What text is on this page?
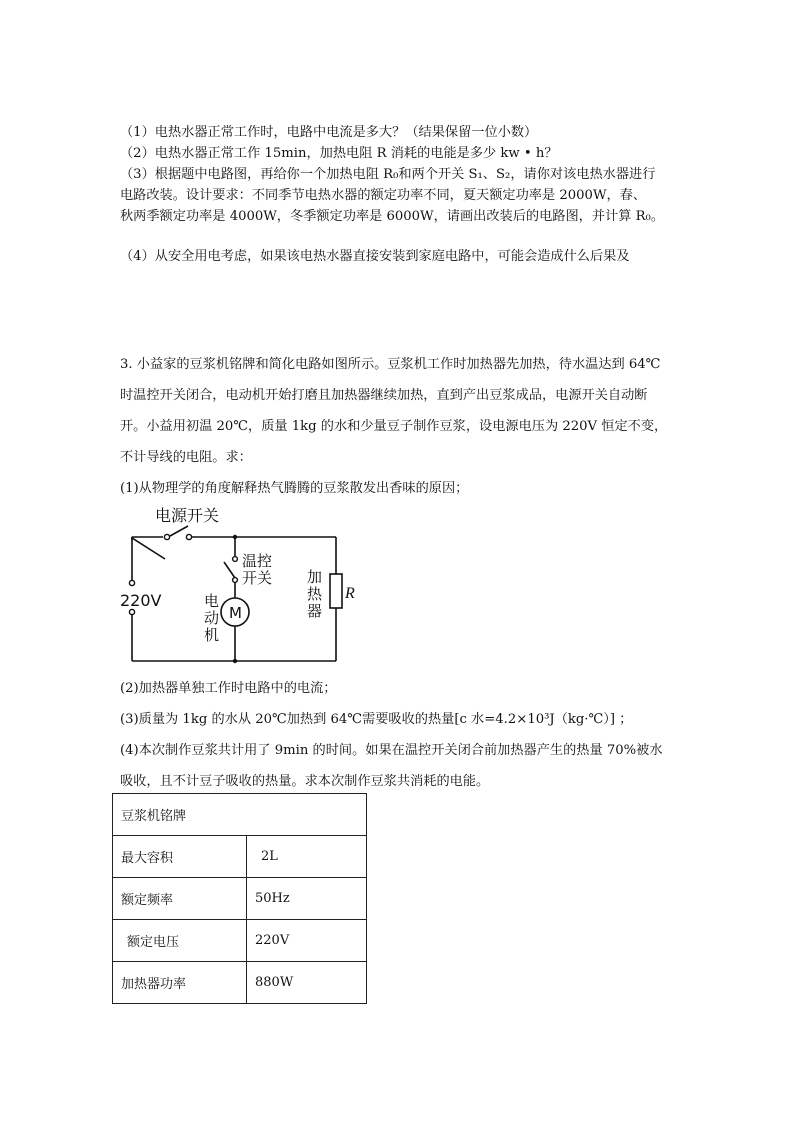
（1）电热水器正常工作时，电路中电流是多大？（结果保留一位小数）
（2）电热水器正常工作 15min，加热电阻 R 消耗的电能是多少 kw • h？
（3）根据题中电路图，再给你一个加热电阻 R₀和两个开关 S₁、S₂，请你对该电热水器进行
电路改装。设计要求：不同季节电热水器的额定功率不同，夏天额定功率是 2000W，春、
秋两季额定功率是 4000W，冬季额定功率是 6000W，请画出改装后的电路图，并计算 R₀。
（4）从安全用电考虑，如果该电热水器直接安装到家庭电路中，可能会造成什么后果及
3. 小益家的豆浆机铭牌和简化电路如图所示。豆浆机工作时加热器先加热，待水温达到 64℃
时温控开关闭合，电动机开始打磨且加热器继续加热，直到产出豆浆成品，电源开关自动断
开。小益用初温 20℃，质量 1kg 的水和少量豆子制作豆浆，设电源电压为 220V 恒定不变，
不计导线的电阻。求：
(1)从物理学的角度解释热气腾腾的豆浆散发出香味的原因；
电源开关
220V
温控
开关
M
电
动
机
加
热
器
R
(2)加热器单独工作时电路中的电流；
(3)质量为 1kg 的水从 20℃加热到 64℃需要吸收的热量[c 水=4.2×10³J（kg·℃）] ；
(4)本次制作豆浆共计用了 9min 的时间。如果在温控开关闭合前加热器产生的热量 70%被水
吸收，且不计豆子吸收的热量。求本次制作豆浆共消耗的电能。
豆浆机铭牌	
最大容积	2L
额定频率	50Hz
额定电压	220V
加热器功率	880W
